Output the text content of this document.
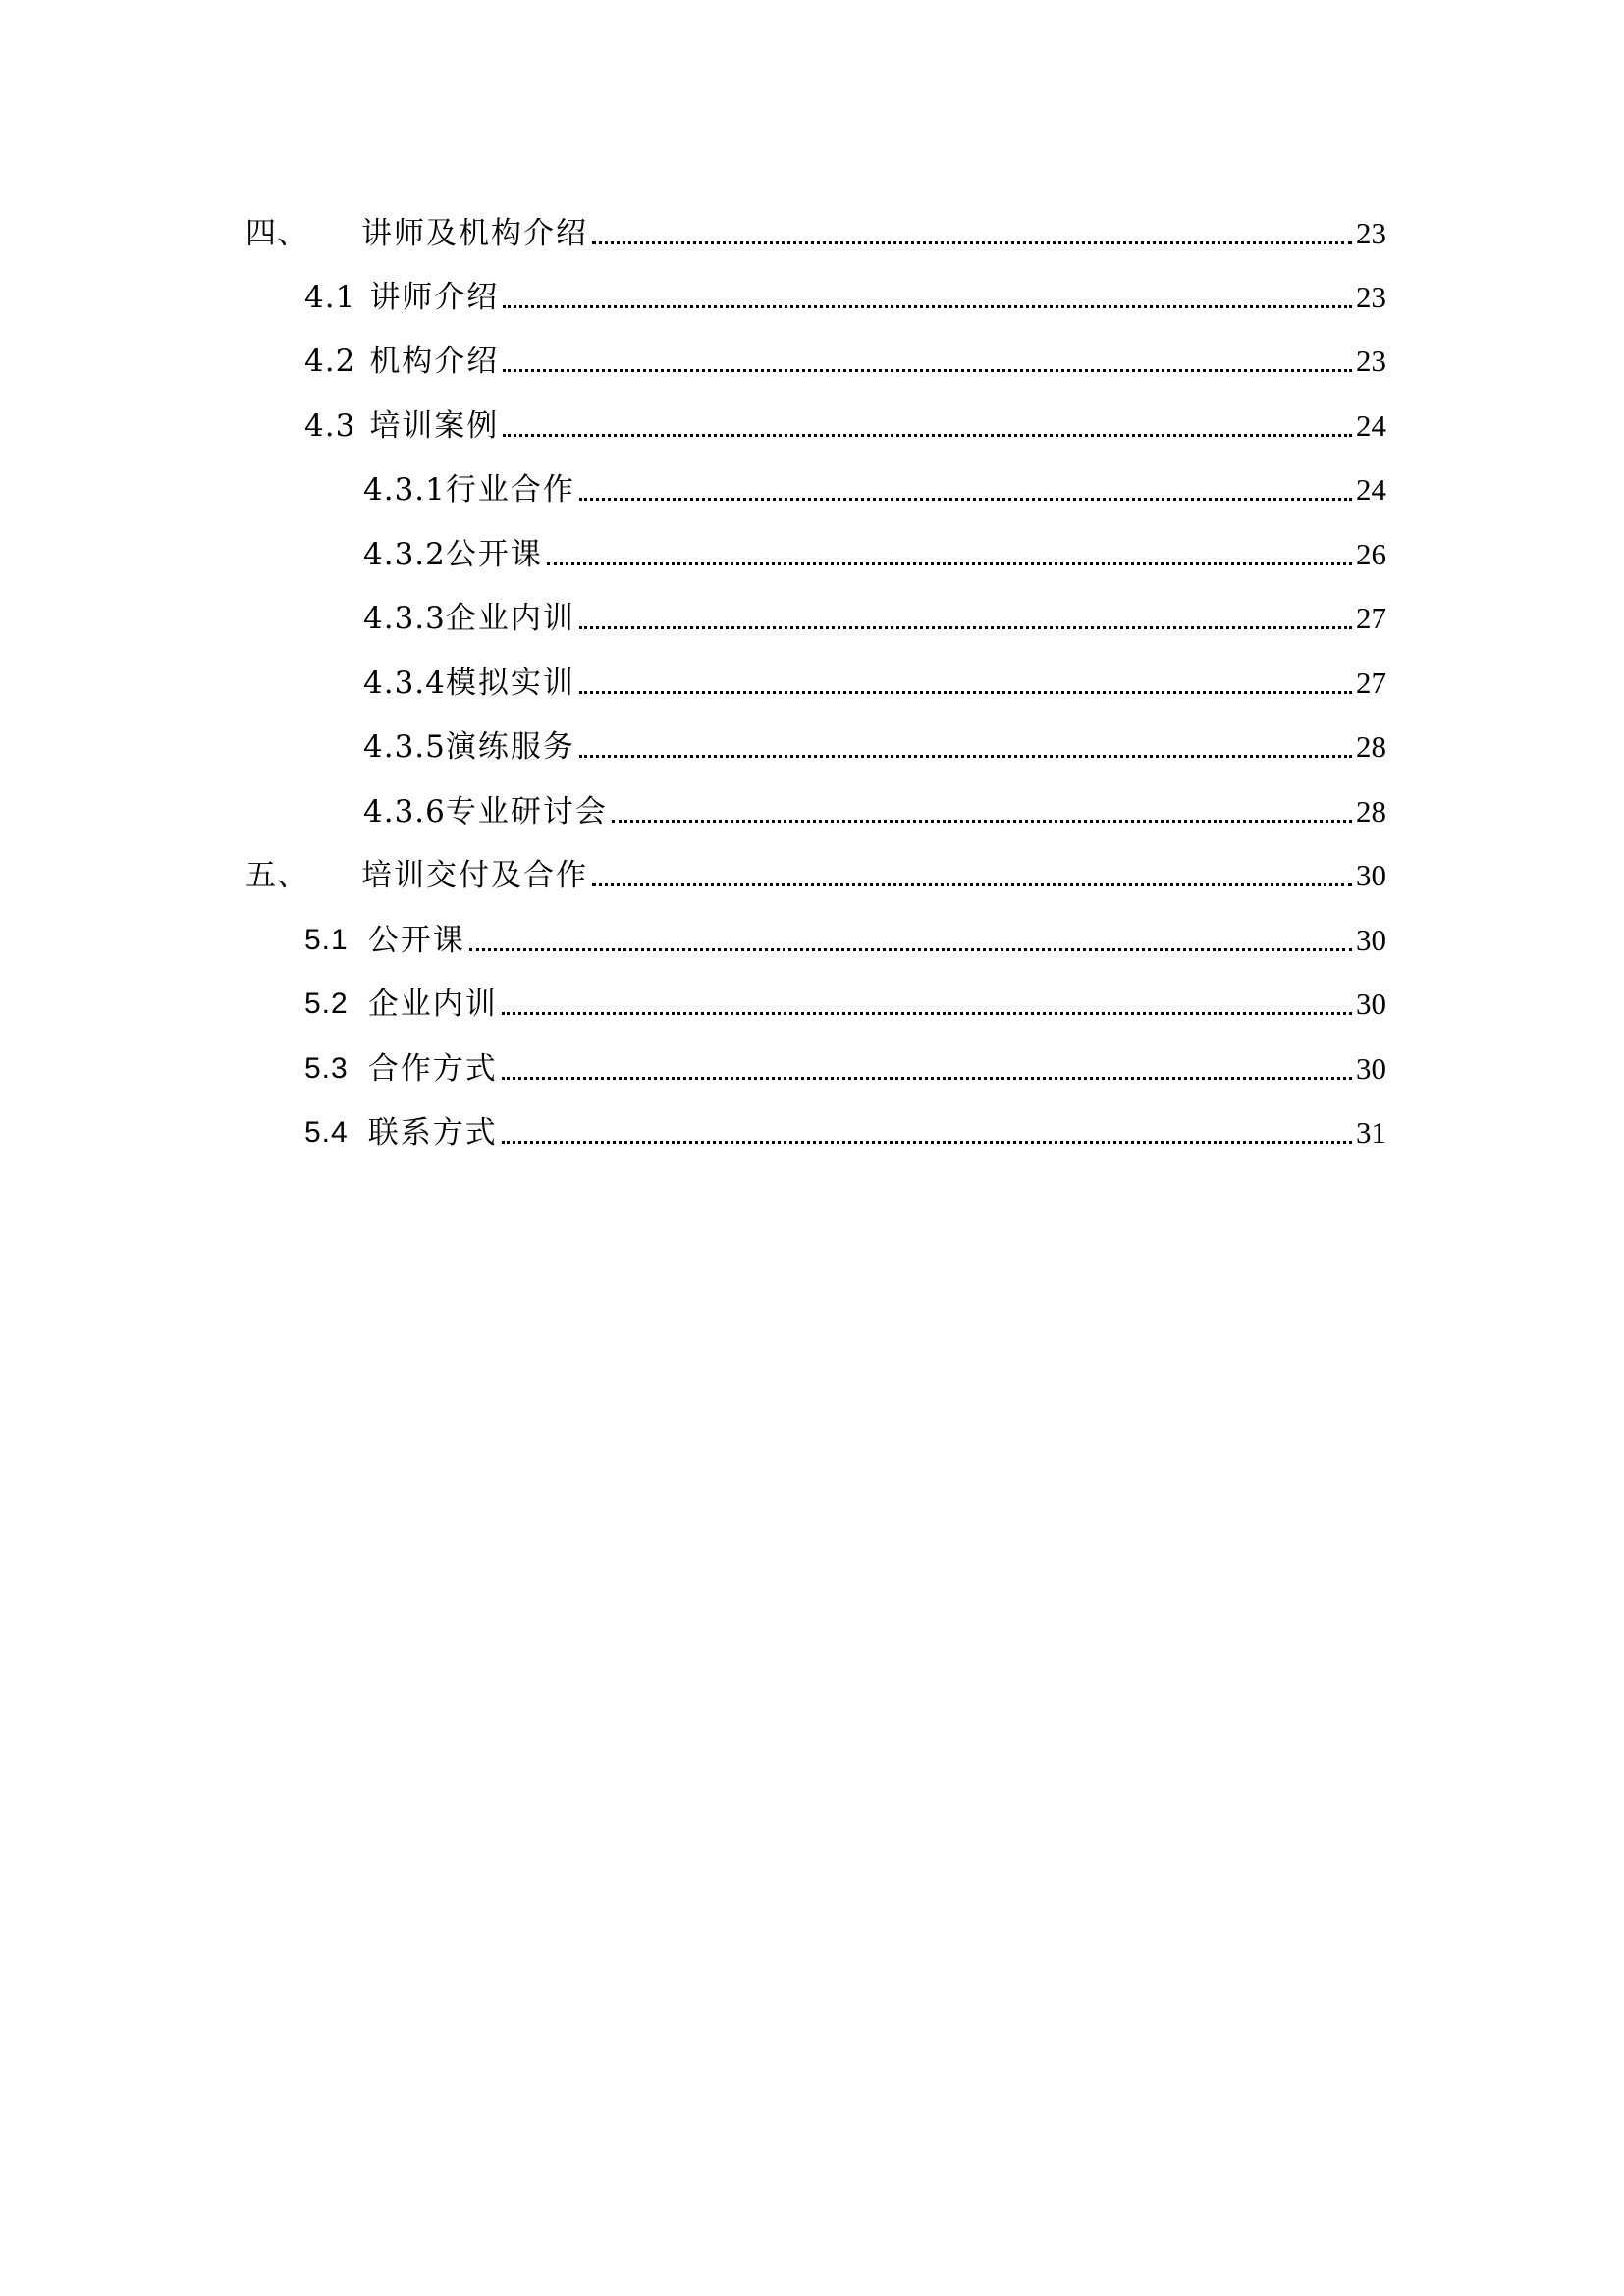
四、 讲师及机构介绍	23
4.1 讲师介绍	23
4.2 机构介绍	23
4.3 培训案例	24
4.3.1 行业合作	24
4.3.2 公开课	26
4.3.3 企业内训	27
4.3.4 模拟实训	27
4.3.5 演练服务	28
4.3.6 专业研讨会	28
五、 培训交付及合作	30
5.1 公开课	30
5.2 企业内训	30
5.3 合作方式	30
5.4 联系方式	31
